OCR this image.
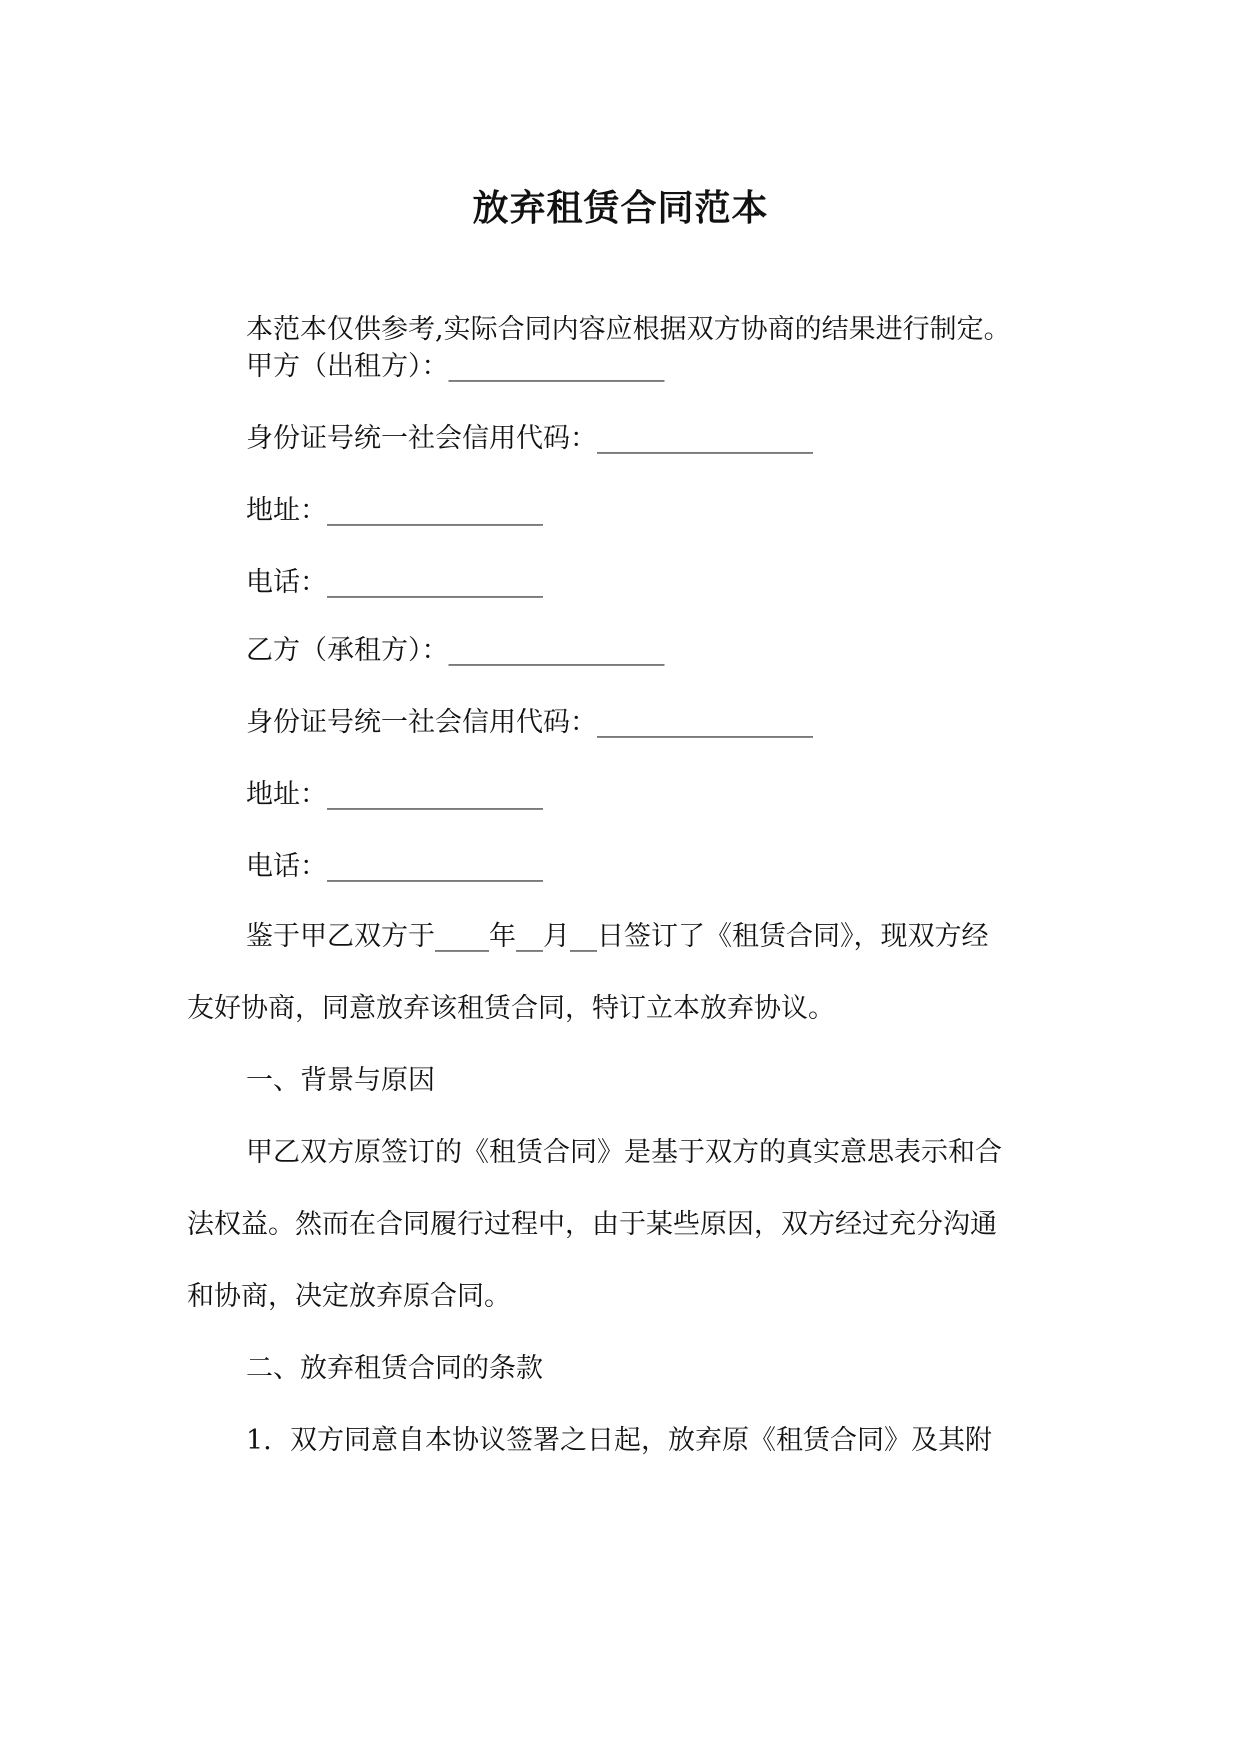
放弃租赁合同范本

本范本仅供参考,实际合同内容应根据双方协商的结果进行制定。

甲方（出租方）：________________

身份证号统一社会信用代码：________________

地址：________________

电话：________________

乙方（承租方）：________________

身份证号统一社会信用代码：________________

地址：________________

电话：________________

鉴于甲乙双方于____年__月__日签订了《租赁合同》，现双方经

友好协商，同意放弃该租赁合同，特订立本放弃协议。

一、背景与原因

甲乙双方原签订的《租赁合同》是基于双方的真实意思表示和合

法权益。然而在合同履行过程中，由于某些原因，双方经过充分沟通

和协商，决定放弃原合同。

二、放弃租赁合同的条款

1. 双方同意自本协议签署之日起，放弃原《租赁合同》及其附
